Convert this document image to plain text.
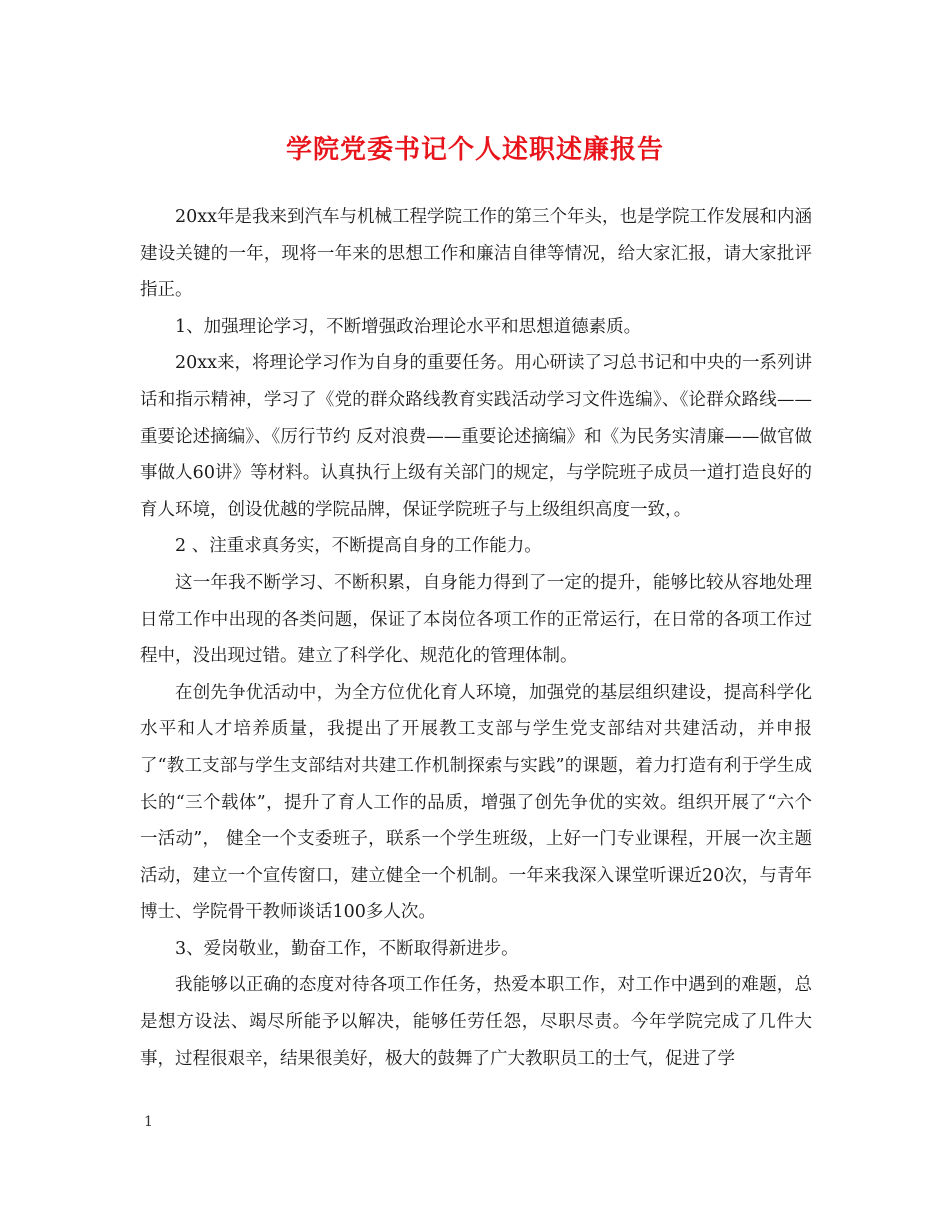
学院党委书记个人述职述廉报告

20xx年是我来到汽车与机械工程学院工作的第三个年头，也是学院工作发展和内涵建设关键的一年，现将一年来的思想工作和廉洁自律等情况，给大家汇报，请大家批评指正。

1、加强理论学习，不断增强政治理论水平和思想道德素质。

20xx来，将理论学习作为自身的重要任务。用心研读了习总书记和中央的一系列讲话和指示精神，学习了《党的群众路线教育实践活动学习文件选编》、《论群众路线——重要论述摘编》、《厉行节约 反对浪费——重要论述摘编》和《为民务实清廉——做官做事做人60讲》等材料。认真执行上级有关部门的规定，与学院班子成员一道打造良好的育人环境，创设优越的学院品牌，保证学院班子与上级组织高度一致，。

2 、注重求真务实，不断提高自身的工作能力。

这一年我不断学习、不断积累，自身能力得到了一定的提升，能够比较从容地处理日常工作中出现的各类问题，保证了本岗位各项工作的正常运行，在日常的各项工作过程中，没出现过错。建立了科学化、规范化的管理体制。

在创先争优活动中，为全方位优化育人环境，加强党的基层组织建设，提高科学化水平和人才培养质量，我提出了开展教工支部与学生党支部结对共建活动，并申报了“教工支部与学生支部结对共建工作机制探索与实践”的课题，着力打造有利于学生成长的“三个载体”，提升了育人工作的品质，增强了创先争优的实效。组织开展了“六个一活动”， 健全一个支委班子，联系一个学生班级，上好一门专业课程，开展一次主题活动，建立一个宣传窗口，建立健全一个机制。一年来我深入课堂听课近20次，与青年博士、学院骨干教师谈话100多人次。

3、爱岗敬业，勤奋工作，不断取得新进步。

我能够以正确的态度对待各项工作任务，热爱本职工作，对工作中遇到的难题，总是想方设法、竭尽所能予以解决，能够任劳任怨，尽职尽责。今年学院完成了几件大事，过程很艰辛，结果很美好，极大的鼓舞了广大教职员工的士气，促进了学

1
